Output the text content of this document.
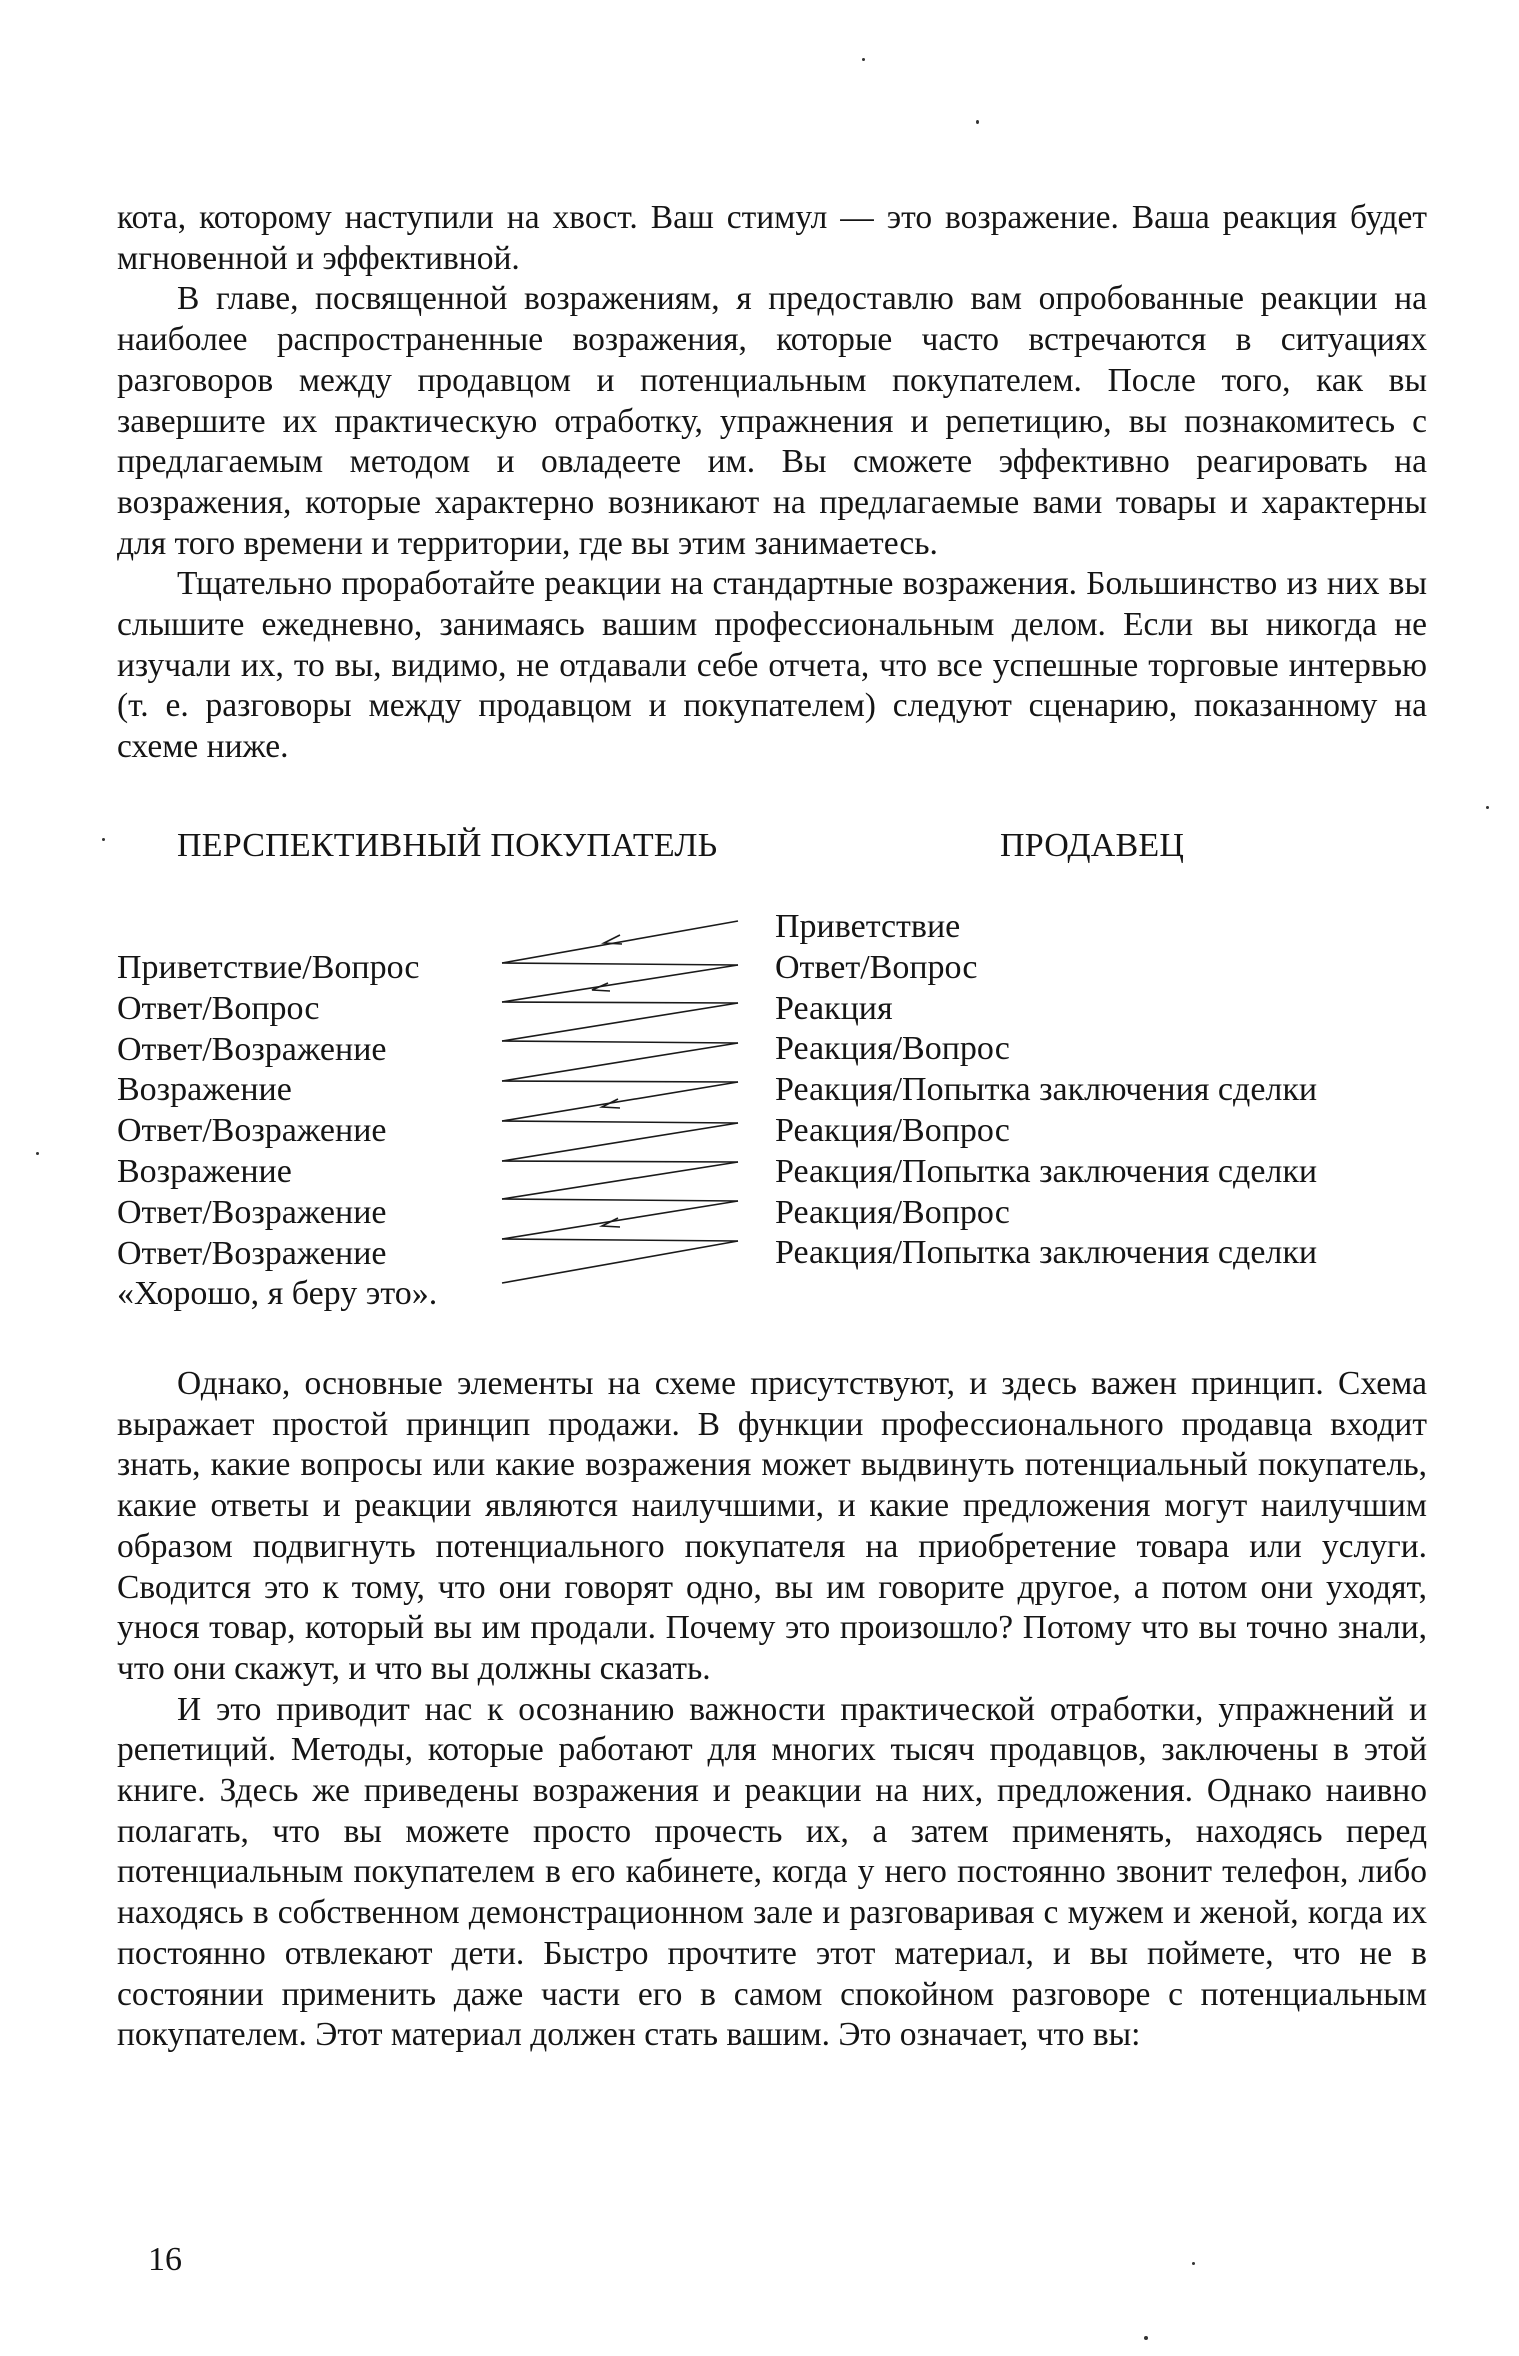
кота, которому наступили на хвост. Ваш стимул — это возражение. Ваша реакция будет мгновенной и эффективной.

В главе, посвященной возражениям, я предоставлю вам опробованные реакции на наиболее распространенные возражения, которые часто встречаются в ситуациях разговоров между продавцом и потенциальным покупателем. После того, как вы завершите их практическую отработку, упражнения и репетицию, вы познакомитесь с предлагаемым методом и овладеете им. Вы сможете эффективно реагировать на возражения, которые характерно возникают на предлагаемые вами товары и характерны для того времени и территории, где вы этим занимаетесь.

Тщательно проработайте реакции на стандартные возражения. Большинство из них вы слышите ежедневно, занимаясь вашим профессиональным делом. Если вы никогда не изучали их, то вы, видимо, не отдавали себе отчета, что все успешные торговые интервью (т. е. разговоры между продавцом и покупателем) следуют сценарию, показанному на схеме ниже.

ПЕРСПЕКТИВНЫЙ ПОКУПАТЕЛЬ	ПРОДАВЕЦ
Приветствие/Вопрос
Ответ/Вопрос
Ответ/Возражение
Возражение
Ответ/Возражение
Возражение
Ответ/Возражение
Ответ/Возражение
«Хорошо, я беру это».
Приветствие
Ответ/Вопрос
Реакция
Реакция/Вопрос
Реакция/Попытка заключения сделки
Реакция/Вопрос
Реакция/Попытка заключения сделки
Реакция/Вопрос
Реакция/Попытка заключения сделки

Однако, основные элементы на схеме присутствуют, и здесь важен принцип. Схема выражает простой принцип продажи. В функции профессионального продавца входит знать, какие вопросы или какие возражения может выдвинуть потенциальный покупатель, какие ответы и реакции являются наилучшими, и какие предложения могут наилучшим образом подвигнуть потенциального покупателя на приобретение товара или услуги. Сводится это к тому, что они говорят одно, вы им говорите другое, а потом они уходят, унося товар, который вы им продали. Почему это произошло? Потому что вы точно знали, что они скажут, и что вы должны сказать.

И это приводит нас к осознанию важности практической отработки, упражнений и репетиций. Методы, которые работают для многих тысяч продавцов, заключены в этой книге. Здесь же приведены возражения и реакции на них, предложения. Однако наивно полагать, что вы можете просто прочесть их, а затем применять, находясь перед потенциальным покупателем в его кабинете, когда у него постоянно звонит телефон, либо находясь в собственном демонстрационном зале и разговаривая с мужем и женой, когда их постоянно отвлекают дети. Быстро прочтите этот материал, и вы поймете, что не в состоянии применить даже части его в самом спокойном разговоре с потенциальным покупателем. Этот материал должен стать вашим. Это означает, что вы:

16
